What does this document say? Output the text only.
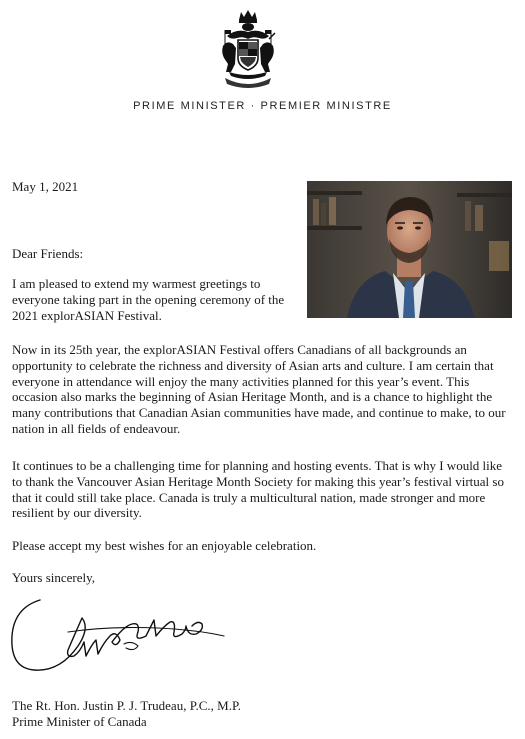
PRIME MINISTER · PREMIER MINISTRE
May 1, 2021
Dear Friends:

I am pleased to extend my warmest greetings to everyone taking part in the opening ceremony of the 2021 explorASIAN Festival.

Now in its 25th year, the explorASIAN Festival offers Canadians of all backgrounds an opportunity to celebrate the richness and diversity of Asian arts and culture. I am certain that everyone in attendance will enjoy the many activities planned for this year’s event. This occasion also marks the beginning of Asian Heritage Month, and is a chance to highlight the many contributions that Canadian Asian communities have made, and continue to make, to our nation in all fields of endeavour.

It continues to be a challenging time for planning and hosting events. That is why I would like to thank the Vancouver Asian Heritage Month Society for making this year’s festival virtual so that it could still take place. Canada is truly a multicultural nation, made stronger and more resilient by our diversity.

Please accept my best wishes for an enjoyable celebration.

Yours sincerely,
The Rt. Hon. Justin P. J. Trudeau, P.C., M.P.
Prime Minister of Canada
